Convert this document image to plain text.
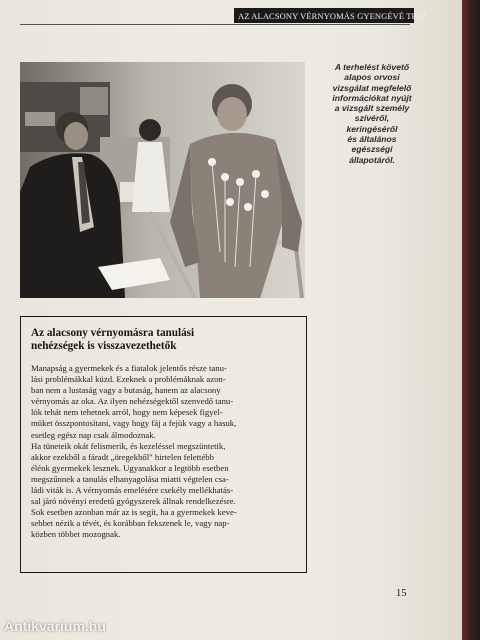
AZ ALACSONY VÉRNYOMÁS GYENGÉVÉ TESZ
A terhelést követő
alapos orvosi
vizsgálat megfelelő
információkat nyújt
a vizsgált személy
szívéről,
keringéséről
és általános
egészségi
állapotáról.
Az alacsony vérnyomásra tanulási
nehézségek is visszavezethetők
Manapság a gyermekek és a fiatalok jelentős része tanu-
lási problémákkal küzd. Ezeknek a problémáknak azon-
ban nem a lustaság vagy a butaság, hanem az alacsony
vérnyomás az oka. Az ilyen nehézségektől szenvedő tanu-
lók tehát nem tehetnek arról, hogy nem képesek figyel-
müket összpontosítani, vagy hogy fáj a fejük vagy a hasuk,
esetleg egész nap csak álmodoznak.
Ha tüneteik okát felismerik, és kezeléssel megszüntetik,
akkor ezekből a fáradt „öregekből" hirtelen felettébb
élénk gyermekek lesznek. Ugyanakkor a legtöbb esetben
megszűnnek a tanulás elhanyagolása miatti végtelen csa-
ládi viták is. A vérnyomás emelésére csekély mellékhatás-
sal járó növényi eredetű gyógyszerek állnak rendelkezésre.
Sok esetben azonban már az is segít, ha a gyermekek keve-
sebbet nézik a tévét, és korábban fekszenek le, vagy nap-
közben többet mozognak.
15
Antikvarium.hu
